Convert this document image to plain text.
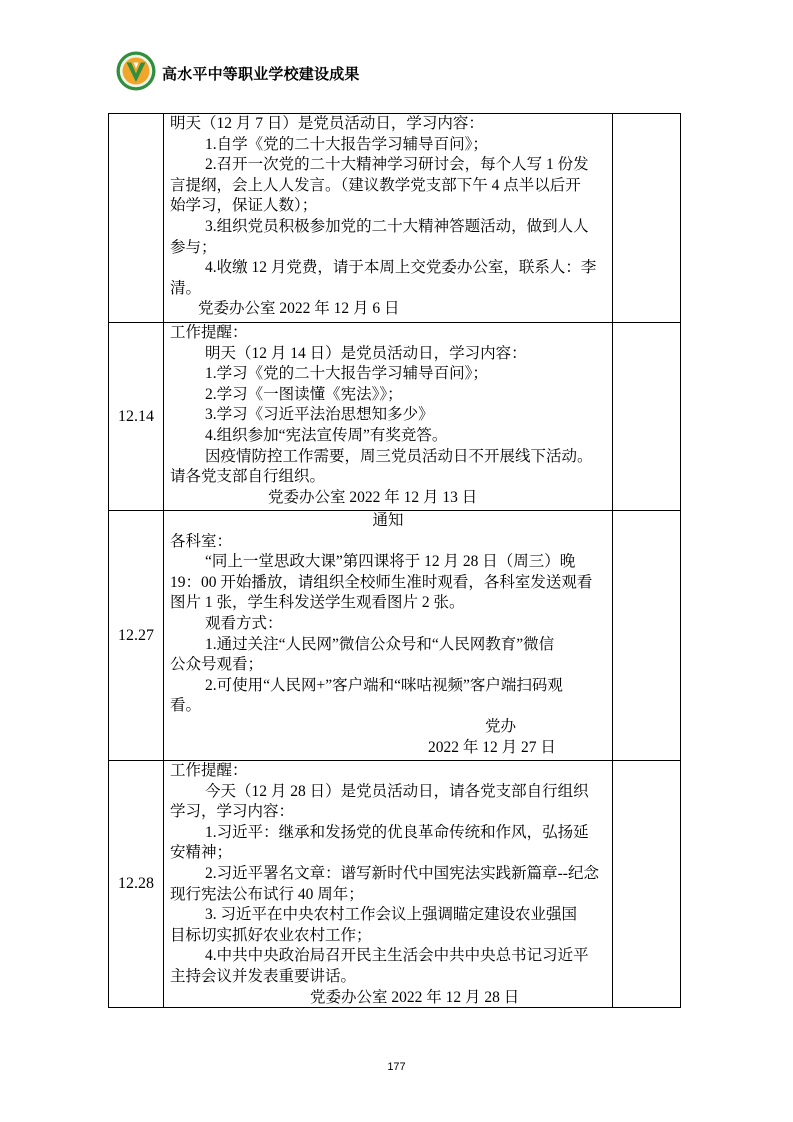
高水平中等职业学校建设成果
明天（12 月 7 日）是党员活动日，学习内容：
1.自学《党的二十大报告学习辅导百问》；
2.召开一次党的二十大精神学习研讨会，每个人写 1 份发
言提纲，会上人人发言。（建议教学党支部下午 4 点半以后开
始学习，保证人数）；
3.组织党员积极参加党的二十大精神答题活动，做到人人
参与；
4.收缴 12 月党费，请于本周上交党委办公室，联系人：李
清。
党委办公室 2022 年 12 月 6 日
12.14
工作提醒：
明天（12 月 14 日）是党员活动日，学习内容：
1.学习《党的二十大报告学习辅导百问》；
2.学习《一图读懂《宪法》》；
3.学习《习近平法治思想知多少》
4.组织参加“宪法宣传周”有奖竞答。
因疫情防控工作需要，周三党员活动日不开展线下活动。
请各党支部自行组织。
党委办公室 2022 年 12 月 13 日
12.27
通知
各科室：
“同上一堂思政大课”第四课将于 12 月 28 日（周三）晚
19：00 开始播放，请组织全校师生准时观看，各科室发送观看
图片 1 张，学生科发送学生观看图片 2 张。
观看方式：
1.通过关注“人民网”微信公众号和“人民网教育”微信
公众号观看；
2.可使用“人民网+”客户端和“咪咕视频”客户端扫码观
看。
党办
2022 年 12 月 27 日
12.28
工作提醒：
今天（12 月 28 日）是党员活动日，请各党支部自行组织
学习，学习内容：
1.习近平：继承和发扬党的优良革命传统和作风，弘扬延
安精神；
2.习近平署名文章：谱写新时代中国宪法实践新篇章--纪念
现行宪法公布试行 40 周年；
3. 习近平在中央农村工作会议上强调瞄定建设农业强国
目标切实抓好农业农村工作；
4.中共中央政治局召开民主生活会中共中央总书记习近平
主持会议并发表重要讲话。
党委办公室 2022 年 12 月 28 日
177
